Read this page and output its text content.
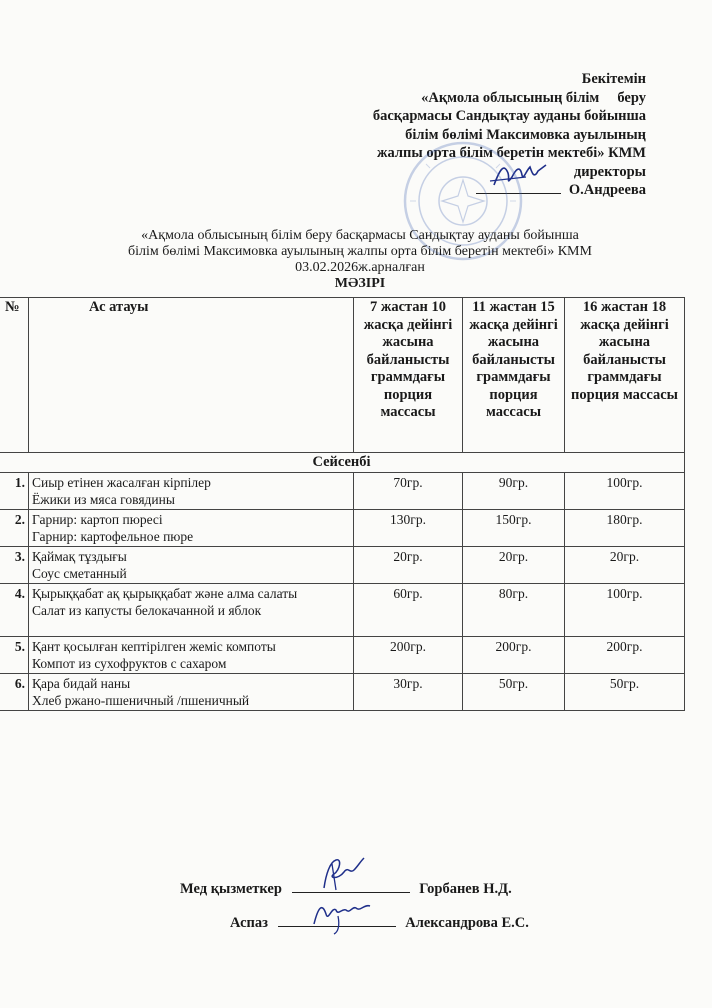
Бекітемін
«Ақмола облысының білім     беру
басқармасы Сандықтау ауданы бойынша
білім бөлімі Максимовка ауылының
жалпы орта білім беретін мектебі» КММ
директоры
О.Андреева
«Ақмола облысының білім беру басқармасы Сандықтау ауданы бойынша
білім бөлімі Максимовка ауылының жалпы орта білім беретін мектебі» КММ
03.02.2026ж.арналған
МӘЗІРІ
№	Ас атауы	7 жастан 10 жасқа дейінгі жасына байланысты граммдағы порция массасы	11 жастан 15 жасқа дейінгі жасына байланысты граммдағы порция массасы	16 жастан 18 жасқа дейінгі жасына байланысты граммдағы порция массасы
Сейсенбі				
1.	Сиыр етінен жасалған кірпілер
Ёжики из мяса говядины	70гр.	90гр.	100гр.
2.	Гарнир: картоп пюресі
Гарнир: картофельное пюре	130гр.	150гр.	180гр.
3.	Қаймақ тұздығы
Соус сметанный	20гр.	20гр.	20гр.
4.	Қырыққабат ақ қырыққабат және алма салаты
Салат из капусты белокачанной и яблок	60гр.	80гр.	100гр.
5.	Қант қосылған кептірілген жеміс компоты
Компот из сухофруктов с сахаром	200гр.	200гр.	200гр.
6.	Қара бидай наны
Хлеб ржано-пшеничный /пшеничный	30гр.	50гр.	50гр.
Мед қызметкер	Горбанев Н.Д.
Аспаз	Александрова Е.С.
